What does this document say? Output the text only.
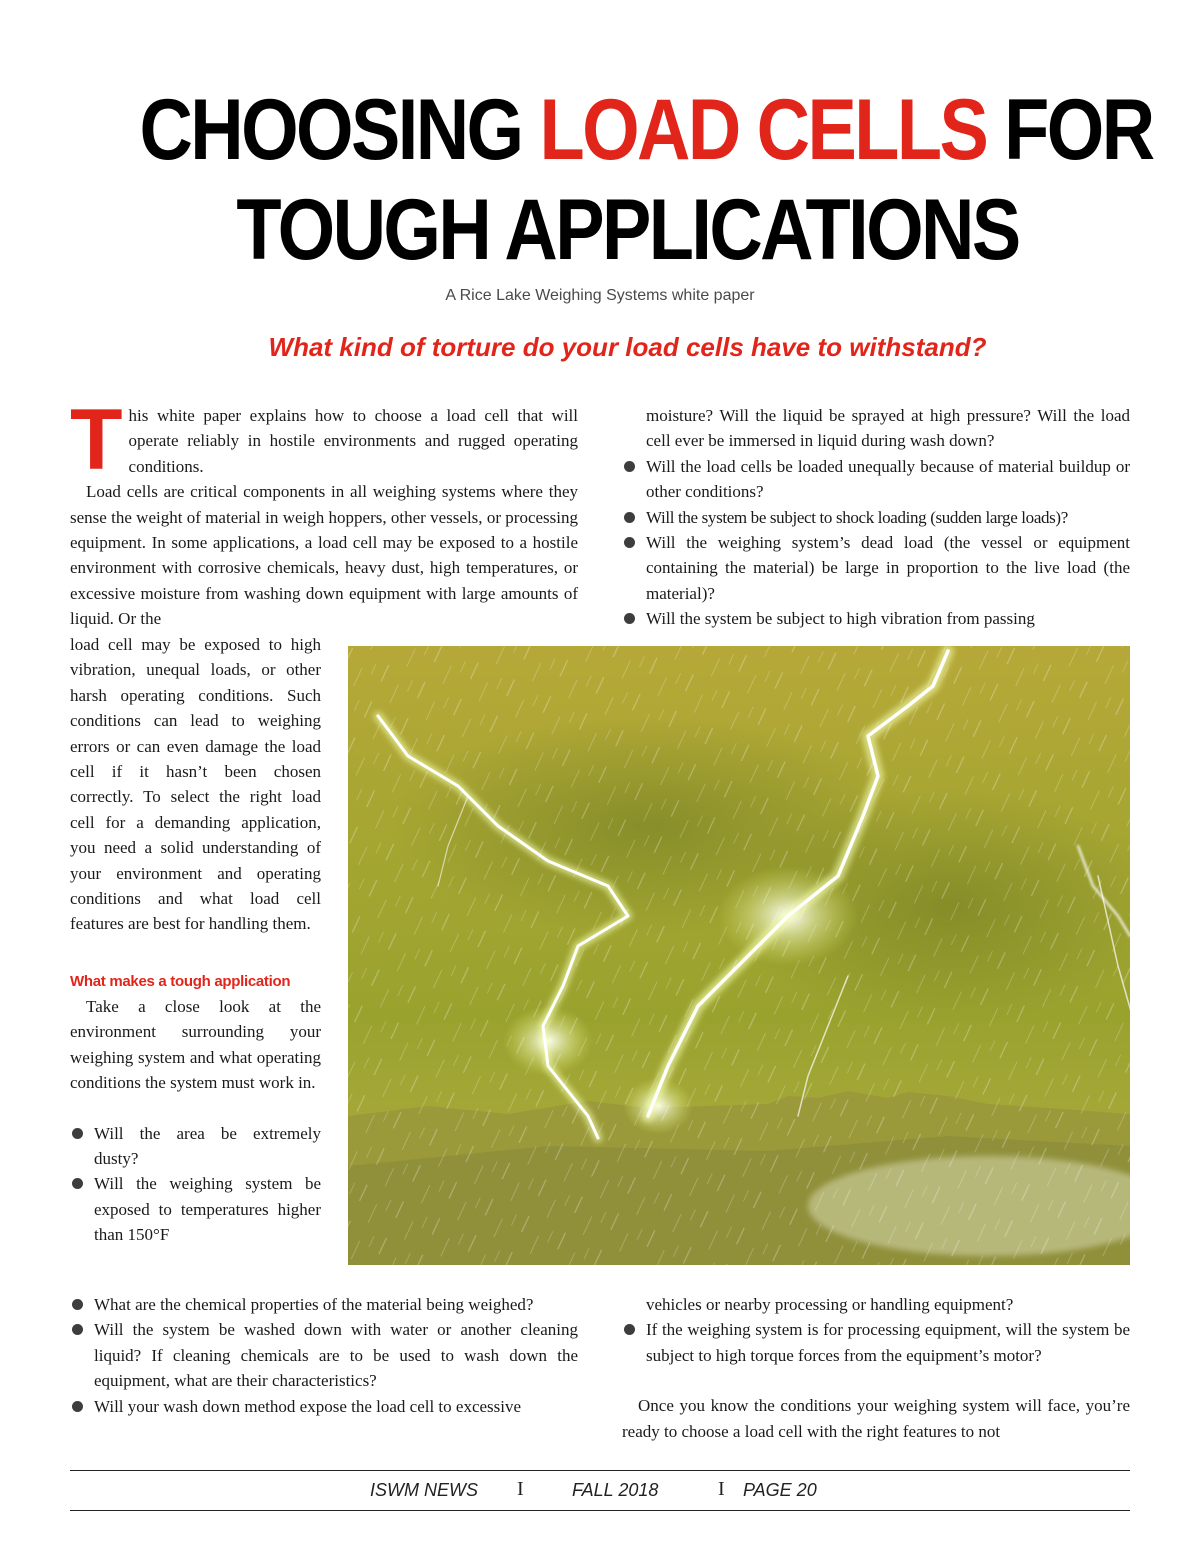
CHOOSING LOAD CELLS FOR
TOUGH APPLICATIONS
A Rice Lake Weighing Systems white paper
What kind of torture do your load cells have to withstand?

This white paper explains how to choose a load cell that will operate reliably in hostile environments and rugged operating conditions.

Load cells are critical components in all weighing systems where they sense the weight of material in weigh hoppers, other vessels, or processing equipment. In some applications, a load cell may be exposed to a hostile environment with corrosive chemicals, heavy dust, high temperatures, or excessive moisture from washing down equipment with large amounts of liquid. Or the

load cell may be exposed to high vibration, unequal loads, or other harsh operating conditions. Such conditions can lead to weighing errors or can even damage the load cell if it hasn’t been chosen correctly. To select the right load cell for a demanding application, you need a solid understanding of your environment and operating conditions and what load cell features are best for handling them.

What makes a tough application

Take a close look at the environment surrounding your weighing system and what operating conditions the system must work in.

Will the area be extremely dusty?
Will the weighing system be exposed to temperatures higher than 150°F
What are the chemical properties of the material being weighed?
Will the system be washed down with water or another cleaning liquid? If cleaning chemicals are to be used to wash down the equipment, what are their characteristics?
Will your wash down method expose the load cell to excessive

moisture? Will the liquid be sprayed at high pressure? Will the load cell ever be immersed in liquid during wash down?

Will the load cells be loaded unequally because of material buildup or other conditions?
Will the system be subject to shock loading (sudden large loads)?
Will the weighing system’s dead load (the vessel or equipment containing the material) be large in proportion to the live load (the material)?
Will the system be subject to high vibration from passing

vehicles or nearby processing or handling equipment?

If the weighing system is for processing equipment, will the system be subject to high torque forces from the equipment’s motor?

Once you know the conditions your weighing system will face, you’re ready to choose a load cell with the right features to not

ISWM NEWS I	FALL 2018	I PAGE 20
